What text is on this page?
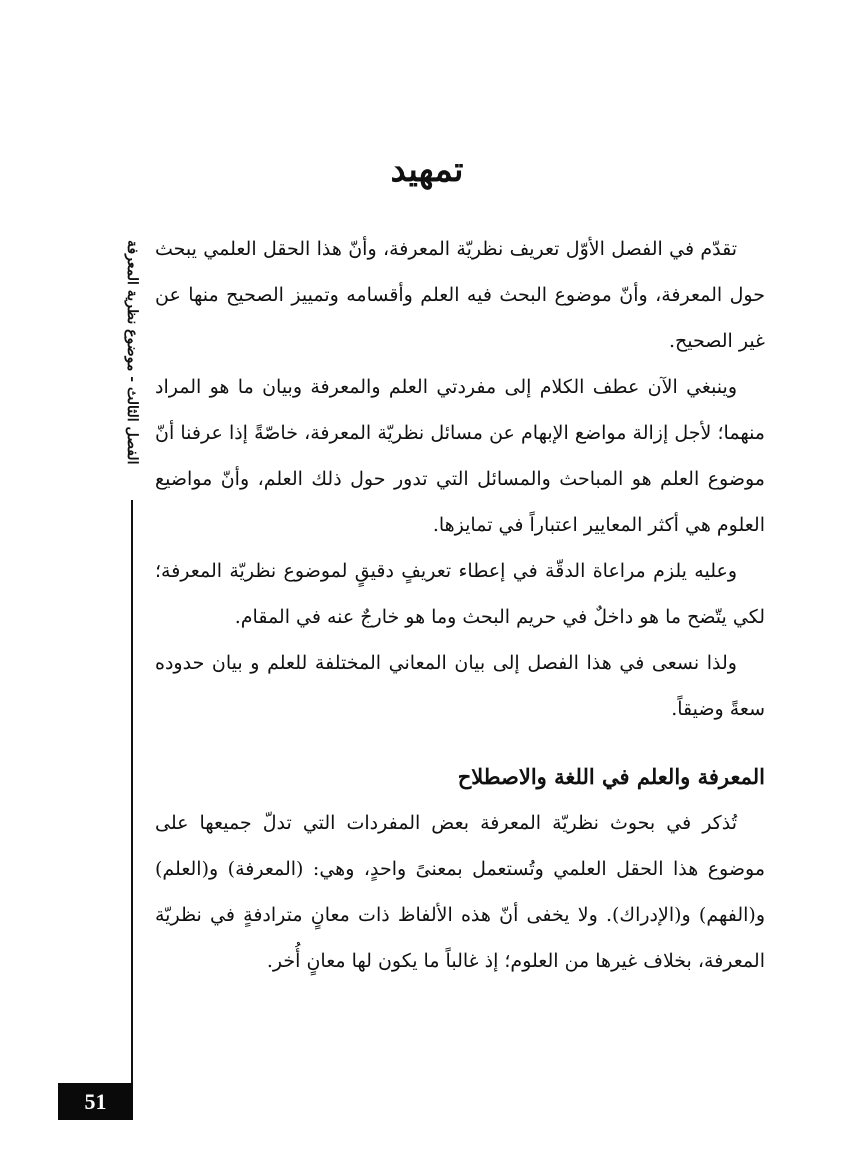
تمهيد
الفصل الثالث - موضوع نظرية المعرفة تقدّم في الفصل الأوّل تعريف نظريّة المعرفة، وأنّ هذا الحقل العلمي يبحث حول المعرفة، وأنّ موضوع البحث فيه العلم وأقسامه وتمييز الصحيح منها عن غير الصحيح.

وينبغي الآن عطف الكلام إلى مفردتي العلم والمعرفة وبيان ما هو المراد منهما؛ لأجل إزالة مواضع الإبهام عن مسائل نظريّة المعرفة، خاصّةً إذا عرفنا أنّ موضوع العلم هو المباحث والمسائل التي تدور حول ذلك العلم، وأنّ مواضيع العلوم هي أكثر المعايير اعتباراً في تمايزها.

وعليه يلزم مراعاة الدقّة في إعطاء تعريفٍ دقيقٍ لموضوع نظريّة المعرفة؛ لكي يتّضح ما هو داخلٌ في حريم البحث وما هو خارجٌ عنه في المقام.

ولذا نسعى في هذا الفصل إلى بيان المعاني المختلفة للعلم و بيان حدوده سعةً وضيقاً.

المعرفة والعلم في اللغة والاصطلاح

تُذكر في بحوث نظريّة المعرفة بعض المفردات التي تدلّ جميعها على موضوع هذا الحقل العلمي وتُستعمل بمعنىً واحدٍ، وهي: (المعرفة) و(العلم) و(الفهم) و(الإدراك). ولا يخفى أنّ هذه الألفاظ ذات معانٍ مترادفةٍ في نظريّة المعرفة، بخلاف غيرها من العلوم؛ إذ غالباً ما يكون لها معانٍ أُخر.

51
